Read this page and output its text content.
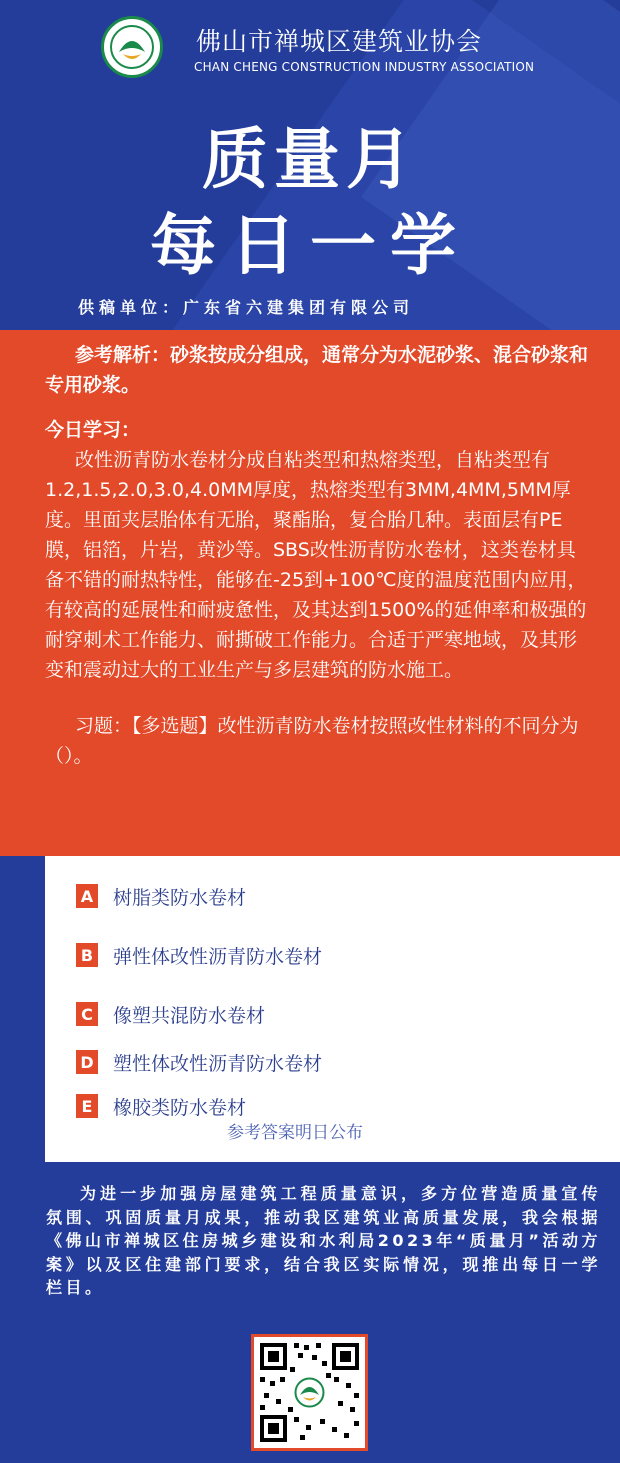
佛山市禅城区建筑业协会
CHAN CHENG CONSTRUCTION INDUSTRY ASSOCIATION
质量月
每日一学
供稿单位：广东省六建集团有限公司

参考解析：砂浆按成分组成，通常分为水泥砂浆、混合砂浆和专用砂浆。

今日学习：

改性沥青防水卷材分成自粘类型和热熔类型，自粘类型有1.2,1.5,2.0,3.0,4.0MM厚度，热熔类型有3MM,4MM,5MM厚度。里面夹层胎体有无胎，聚酯胎，复合胎几种。表面层有PE膜，铝箔，片岩，黄沙等。SBS改性沥青防水卷材，这类卷材具备不错的耐热特性，能够在-25到+100℃度的温度范围内应用，有较高的延展性和耐疲惫性，及其达到1500%的延伸率和极强的耐穿刺术工作能力、耐撕破工作能力。合适于严寒地域，及其形变和震动过大的工业生产与多层建筑的防水施工。

习题：【多选题】改性沥青防水卷材按照改性材料的不同分为（）。

A 树脂类防水卷材
B 弹性体改性沥青防水卷材
C 像塑共混防水卷材
D 塑性体改性沥青防水卷材
E 橡胶类防水卷材
参考答案明日公布
为进一步加强房屋建筑工程质量意识，多方位营造质量宣传氛围、巩固质量月成果，推动我区建筑业高质量发展，我会根据《佛山市禅城区住房城乡建设和水利局2023年“质量月”活动方案》以及区住建部门要求，结合我区实际情况，现推出每日一学栏目。
